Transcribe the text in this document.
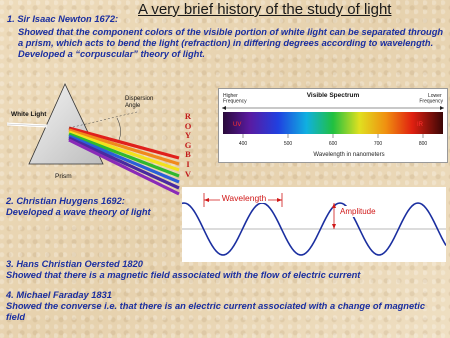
A very brief history of the study of light
1. Sir Isaac Newton 1672:
Showed that the component colors of the visible portion of white light can be separated through a prism, which acts to bend the light (refraction) in differing degrees according to wavelength. Developed a “corpuscular” theory of light.
White Light
Dispersion Angle
Prism
R
O
Y
G
B
I
V
Visible Spectrum
Higher Frequency
Lower Frequency
UV	IR
400	500	600	700	800
Wavelength in nanometers
2. Christian Huygens 1692:
Developed a wave theory of light
Wavelength
Amplitude
3. Hans Christian Oersted 1820
Showed that there is a magnetic field associated with the flow of electric current
4. Michael Faraday 1831
Showed the converse i.e. that there is an electric current associated with a change of magnetic field
